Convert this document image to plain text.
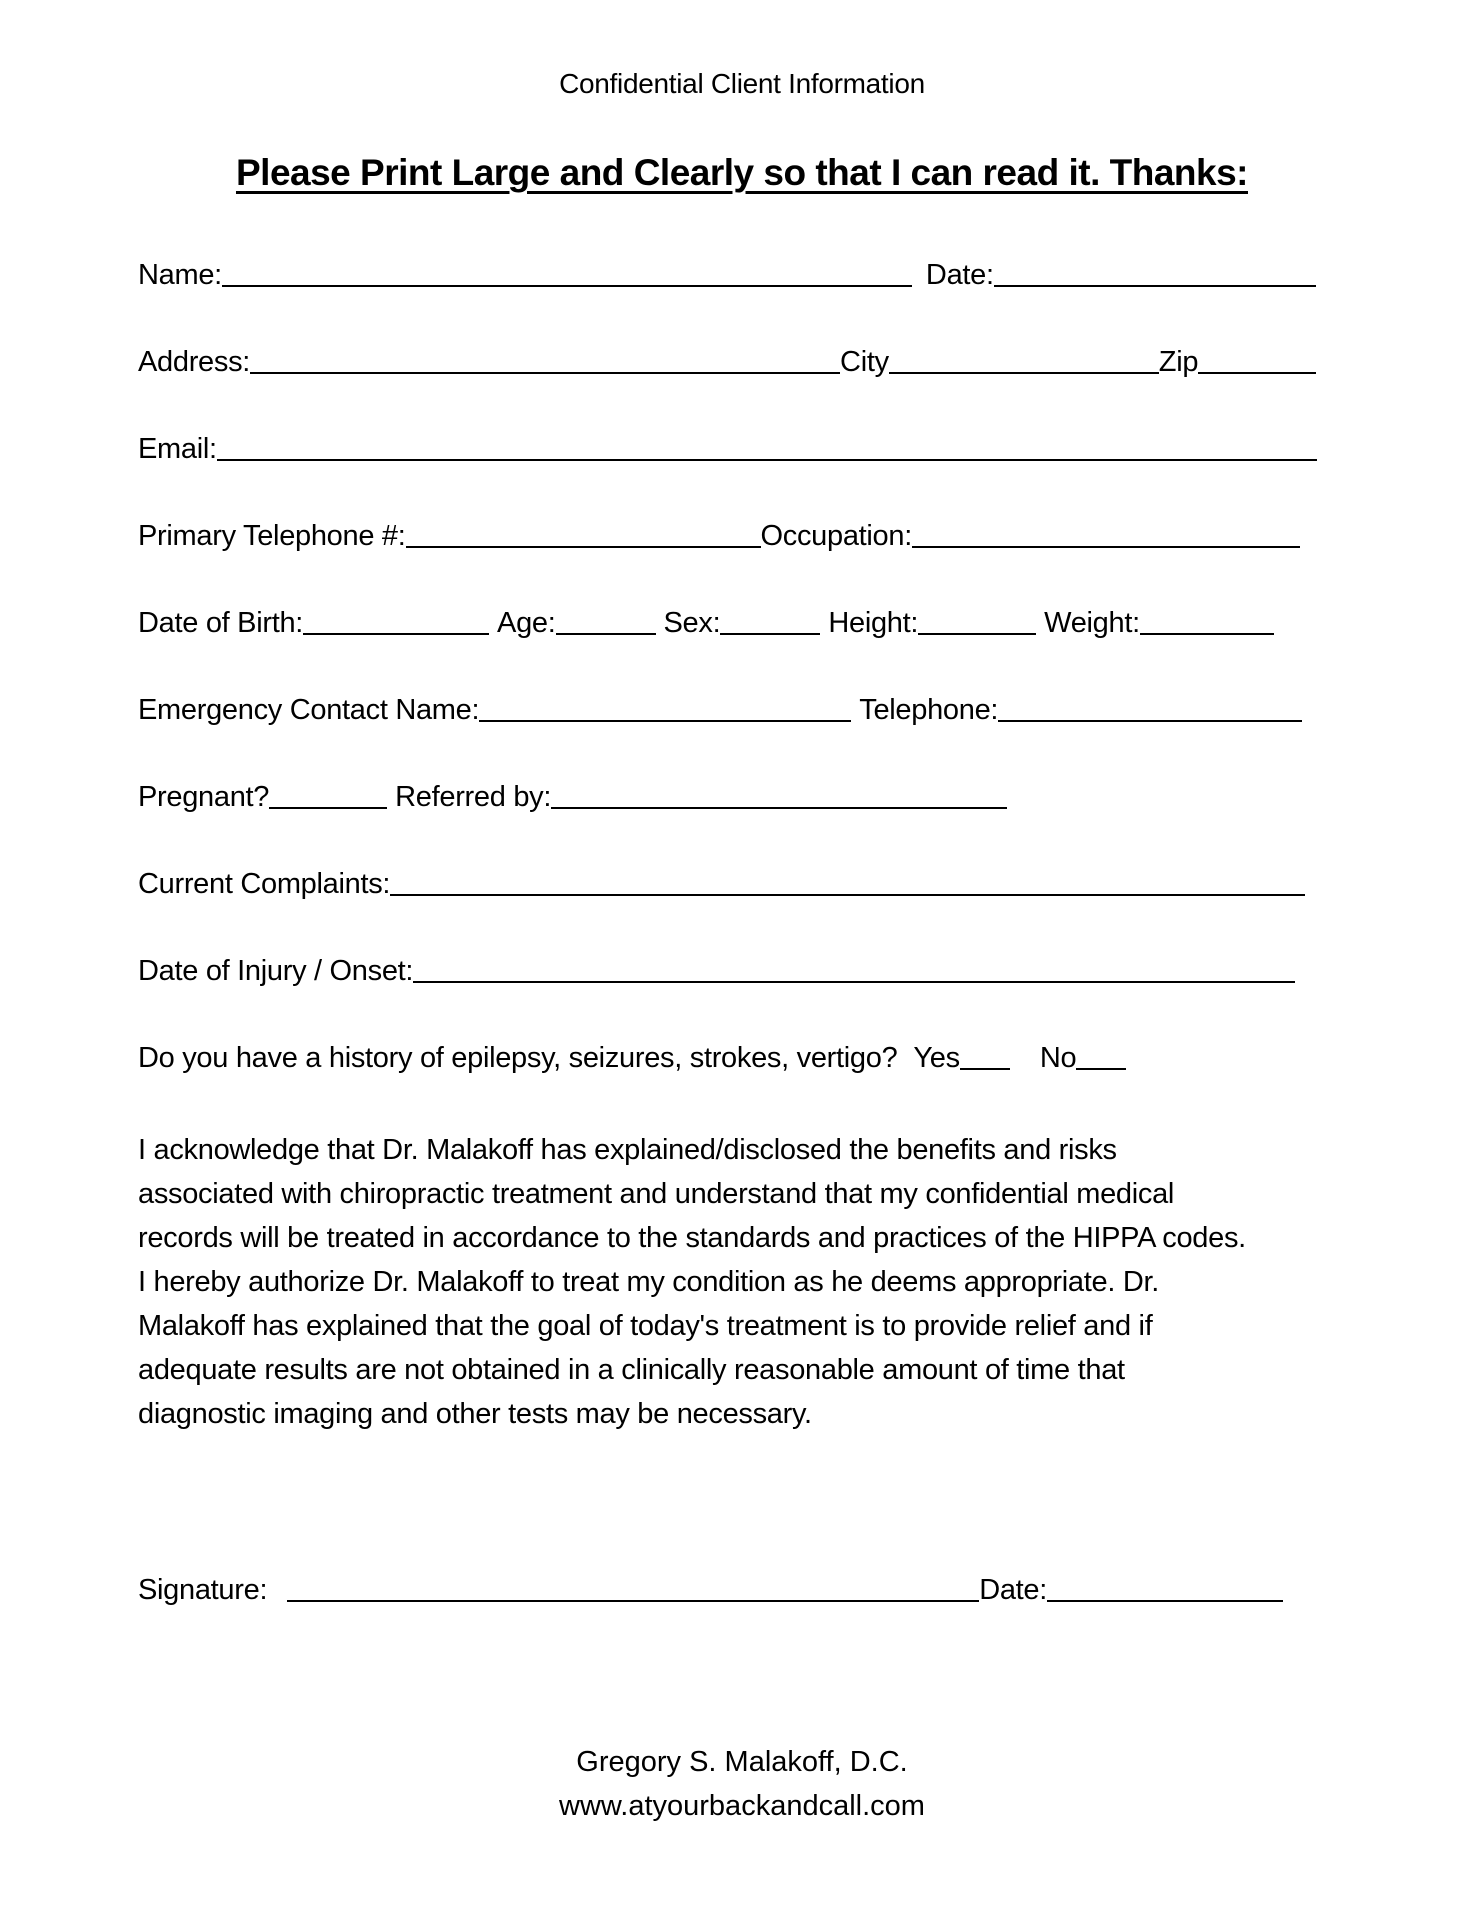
Confidential Client Information
Please Print Large and Clearly so that I can read it. Thanks:
Name:	Date:
Address:	City	Zip
Email:
Primary Telephone #:	Occupation:
Date of Birth:	Age:	Sex:	Height:	Weight:
Emergency Contact Name:	Telephone:
Pregnant?	Referred by:
Current Complaints:
Date of Injury / Onset:
Do you have a history of epilepsy, seizures, strokes, vertigo? Yes	No
I acknowledge that Dr. Malakoff has explained/disclosed the benefits and risks
associated with chiropractic treatment and understand that my confidential medical
records will be treated in accordance to the standards and practices of the HIPPA codes.
I hereby authorize Dr. Malakoff to treat my condition as he deems appropriate. Dr.
Malakoff has explained that the goal of today's treatment is to provide relief and if
adequate results are not obtained in a clinically reasonable amount of time that
diagnostic imaging and other tests may be necessary.
Signature:	Date:
Gregory S. Malakoff, D.C.
www.atyourbackandcall.com
